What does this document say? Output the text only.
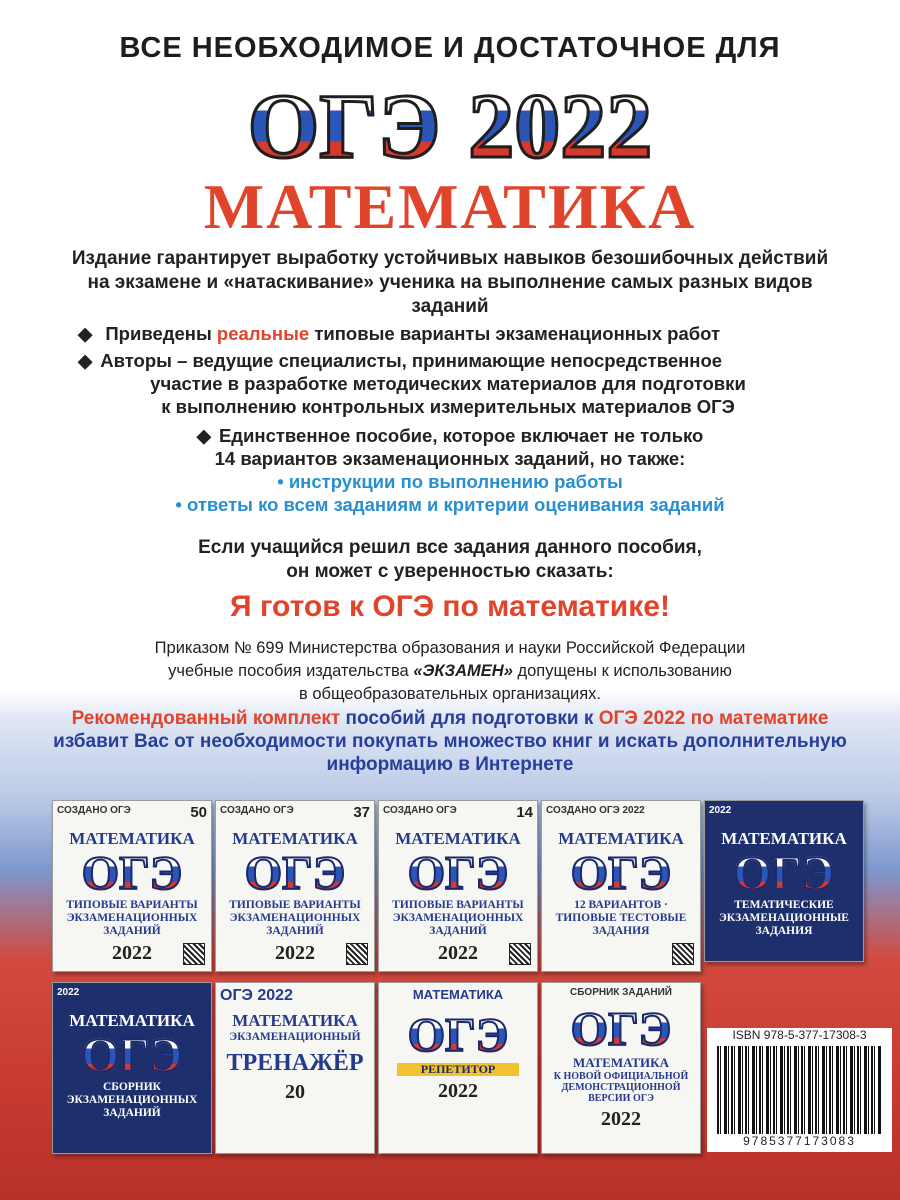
ВСЕ НЕОБХОДИМОЕ И ДОСТАТОЧНОЕ ДЛЯ
ОГЭ 2022
МАТЕМАТИКА
Издание гарантирует выработку устойчивых навыков безошибочных действий на экзамене и «натаскивание» ученика на выполнение самых разных видов заданий
◆ Приведены реальные типовые варианты экзаменационных работ
◆ Авторы – ведущие специалисты, принимающие непосредственное
участие в разработке методических материалов для подготовки
к выполнению контрольных измерительных материалов ОГЭ
◆ Единственное пособие, которое включает не только
14 вариантов экзаменационных заданий, но также:
• инструкции по выполнению работы
• ответы ко всем заданиям и критерии оценивания заданий
Если учащийся решил все задания данного пособия,
он может с уверенностью сказать:
Я готов к ОГЭ по математике!
Приказом № 699 Министерства образования и науки Российской Федерации
учебные пособия издательства «ЭКЗАМЕН» допущены к использованию
в общеобразовательных организациях.
Рекомендованный комплект пособий для подготовки к ОГЭ 2022 по математике избавит Вас от необходимости покупать множество книг и искать дополнительную информацию в Интернете
СОЗДАНО ОГЭ	50
МАТЕМАТИКА
ОГЭ
ТИПОВЫЕ ВАРИАНТЫ ЭКЗАМЕНАЦИОННЫХ ЗАДАНИЙ
2022
СОЗДАНО ОГЭ	37
МАТЕМАТИКА
ОГЭ
ТИПОВЫЕ ВАРИАНТЫ ЭКЗАМЕНАЦИОННЫХ ЗАДАНИЙ
2022
СОЗДАНО ОГЭ	14
МАТЕМАТИКА
ОГЭ
ТИПОВЫЕ ВАРИАНТЫ ЭКЗАМЕНАЦИОННЫХ ЗАДАНИЙ
2022
СОЗДАНО ОГЭ 2022
МАТЕМАТИКА
ОГЭ
12 ВАРИАНТОВ · ТИПОВЫЕ ТЕСТОВЫЕ ЗАДАНИЯ
2022
МАТЕМАТИКА
ОГЭ
ТЕМАТИЧЕСКИЕ ЭКЗАМЕНАЦИОННЫЕ ЗАДАНИЯ
2022
МАТЕМАТИКА
ОГЭ
СБОРНИК ЭКЗАМЕНАЦИОННЫХ ЗАДАНИЙ
ОГЭ 2022
МАТЕМАТИКА
ЭКЗАМЕНАЦИОННЫЙ
ТРЕНАЖЁР
20
МАТЕМАТИКА
ОГЭ
РЕПЕТИТОР
2022
СБОРНИК ЗАДАНИЙ
ОГЭ
МАТЕМАТИКА
К НОВОЙ ОФИЦИАЛЬНОЙ ДЕМОНСТРАЦИОННОЙ ВЕРСИИ ОГЭ
2022
ISBN 978-5-377-17308-3
9785377173083
